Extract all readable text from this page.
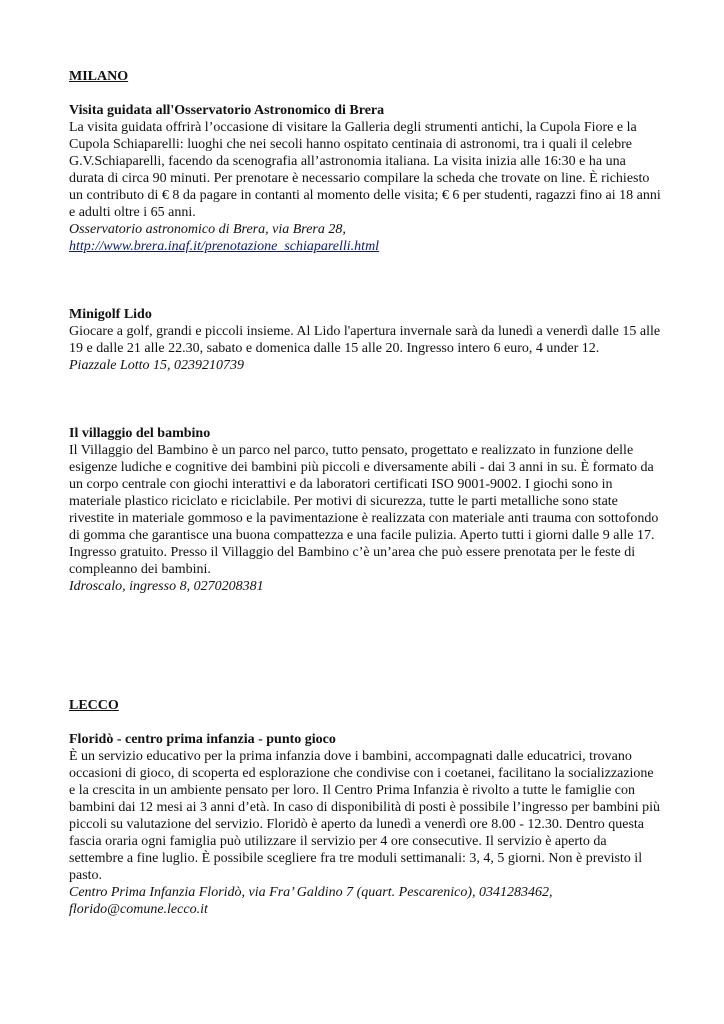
MILANO

Visita guidata all'Osservatorio Astronomico di Brera

La visita guidata offrirà l’occasione di visitare la Galleria degli strumenti antichi, la Cupola Fiore e la Cupola Schiaparelli: luoghi che nei secoli hanno ospitato centinaia di astronomi, tra i quali il celebre G.V.Schiaparelli, facendo da scenografia all’astronomia italiana. La visita inizia alle 16:30 e ha una durata di circa 90 minuti. Per prenotare è necessario compilare la scheda che trovate on line. È richiesto un contributo di € 8 da pagare in contanti al momento delle visita; € 6 per studenti, ragazzi fino ai 18 anni e adulti oltre i 65 anni.

Osservatorio astronomico di Brera, via Brera 28,

http://www.brera.inaf.it/prenotazione_schiaparelli.html

Minigolf Lido

Giocare a golf, grandi e piccoli insieme. Al Lido l'apertura invernale sarà da lunedì a venerdì dalle 15 alle 19 e dalle 21 alle 22.30, sabato e domenica dalle 15 alle 20. Ingresso intero 6 euro, 4 under 12.

Piazzale Lotto 15, 0239210739

Il villaggio del bambino

Il Villaggio del Bambino è un parco nel parco, tutto pensato, progettato e realizzato in funzione delle esigenze ludiche e cognitive dei bambini più piccoli e diversamente abili - dai 3 anni in su. È formato da un corpo centrale con giochi interattivi e da laboratori certificati ISO 9001-9002. I giochi sono in materiale plastico riciclato e riciclabile. Per motivi di sicurezza, tutte le parti metalliche sono state rivestite in materiale gommoso e la pavimentazione è realizzata con materiale anti trauma con sottofondo di gomma che garantisce una buona compattezza e una facile pulizia. Aperto tutti i giorni dalle 9 alle 17. Ingresso gratuito. Presso il Villaggio del Bambino c’è un’area che può essere prenotata per le feste di compleanno dei bambini.

Idroscalo, ingresso 8, 0270208381

LECCO

Floridò - centro prima infanzia - punto gioco

È un servizio educativo per la prima infanzia dove i bambini, accompagnati dalle educatrici, trovano occasioni di gioco, di scoperta ed esplorazione che condivise con i coetanei, facilitano la socializzazione e la crescita in un ambiente pensato per loro. Il Centro Prima Infanzia è rivolto a tutte le famiglie con bambini dai 12 mesi ai 3 anni d’età. In caso di disponibilità di posti è possibile l’ingresso per bambini più piccoli su valutazione del servizio. Floridò è aperto da lunedì a venerdì ore 8.00 - 12.30. Dentro questa fascia oraria ogni famiglia può utilizzare il servizio per 4 ore consecutive. Il servizio è aperto da settembre a fine luglio. È possibile scegliere fra tre moduli settimanali: 3, 4, 5 giorni. Non è previsto il pasto.

Centro Prima Infanzia Floridò, via Fra’ Galdino 7 (quart. Pescarenico), 0341283462, florido@comune.lecco.it
